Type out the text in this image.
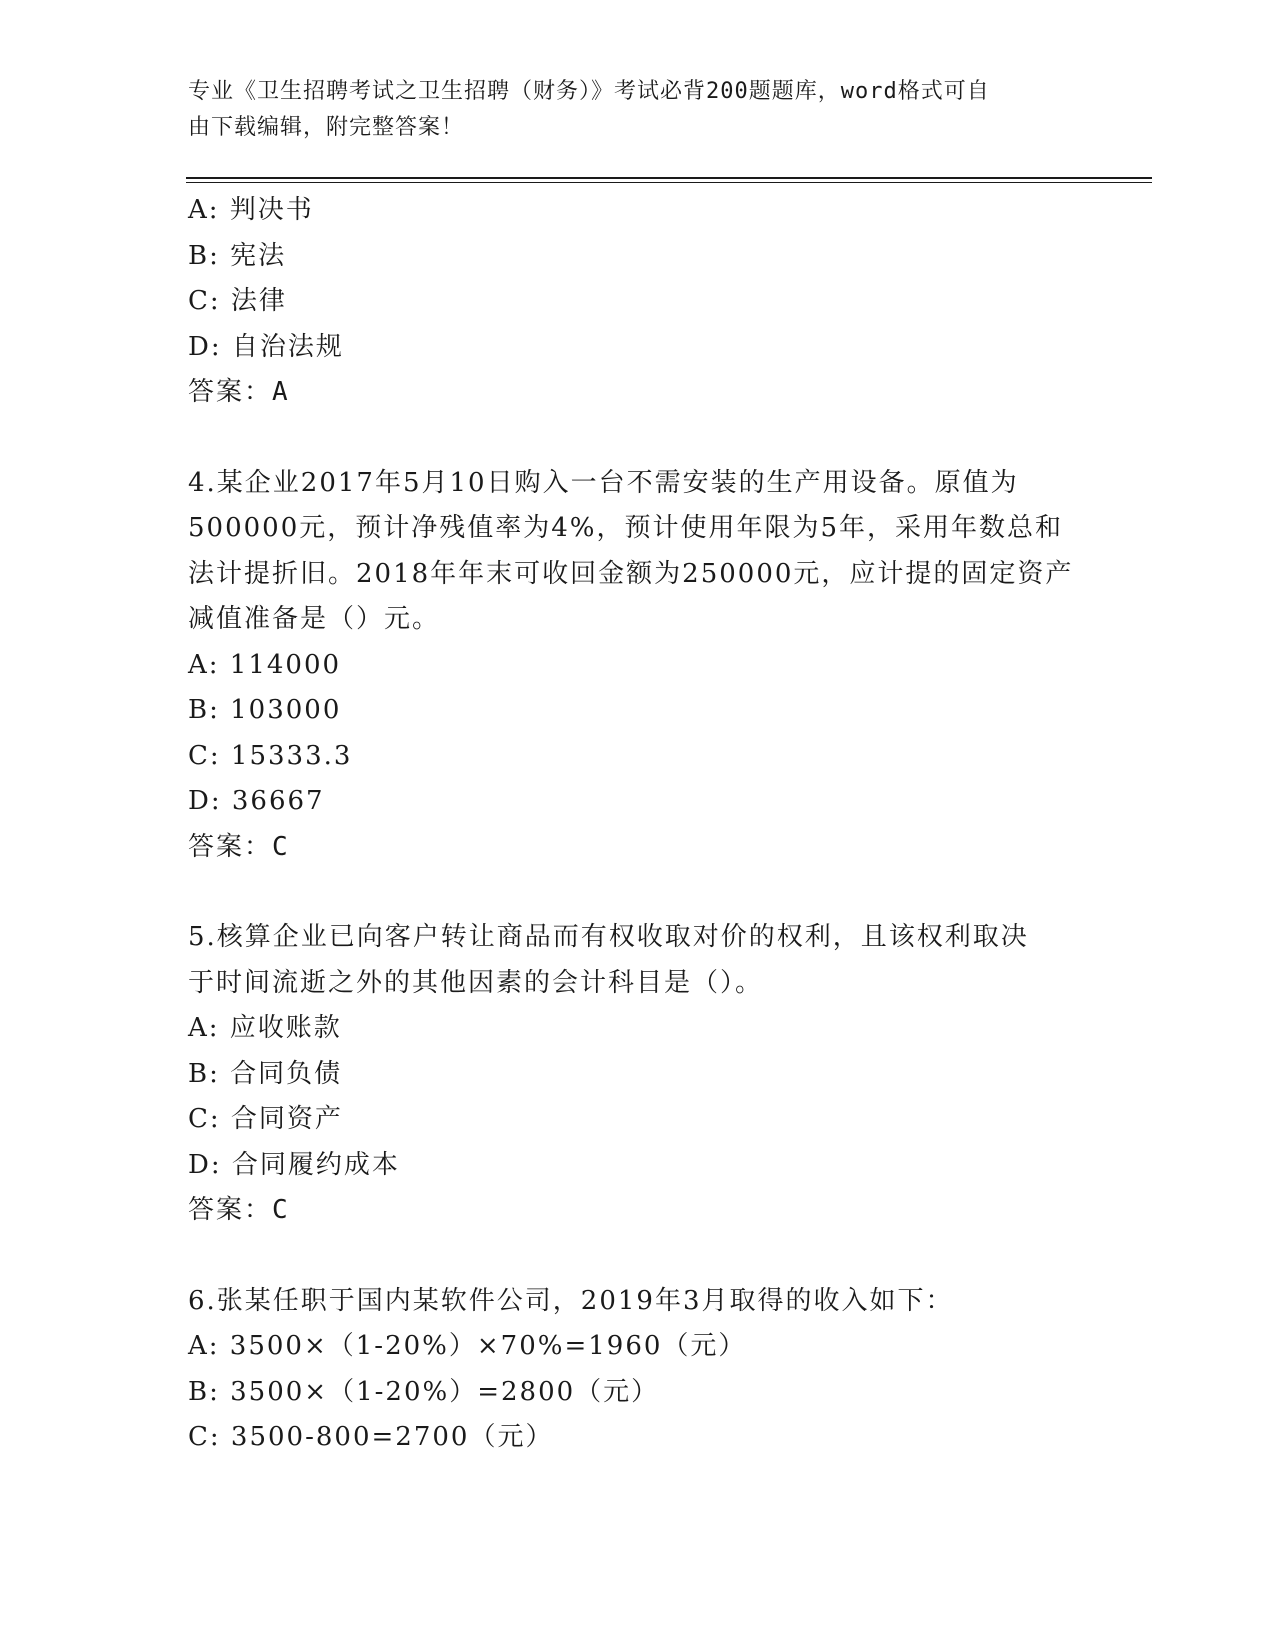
专业《卫生招聘考试之卫生招聘（财务）》考试必背200题题库，word格式可自
由下载编辑，附完整答案！
A: 判决书
B: 宪法
C: 法律
D: 自治法规
答案：A
4.某企业2017年5月10日购入一台不需安装的生产用设备。原值为
500000元，预计净残值率为4%，预计使用年限为5年，采用年数总和
法计提折旧。2018年年末可收回金额为250000元，应计提的固定资产
减值准备是（）元。
A: 114000
B: 103000
C: 15333.3
D: 36667
答案：C
5.核算企业已向客户转让商品而有权收取对价的权利，且该权利取决
于时间流逝之外的其他因素的会计科目是（）。
A: 应收账款
B: 合同负债
C: 合同资产
D: 合同履约成本
答案：C
6.张某任职于国内某软件公司，2019年3月取得的收入如下：
A: 3500×（1-20%）×70%=1960（元）
B: 3500×（1-20%）=2800（元）
C: 3500-800=2700（元）
